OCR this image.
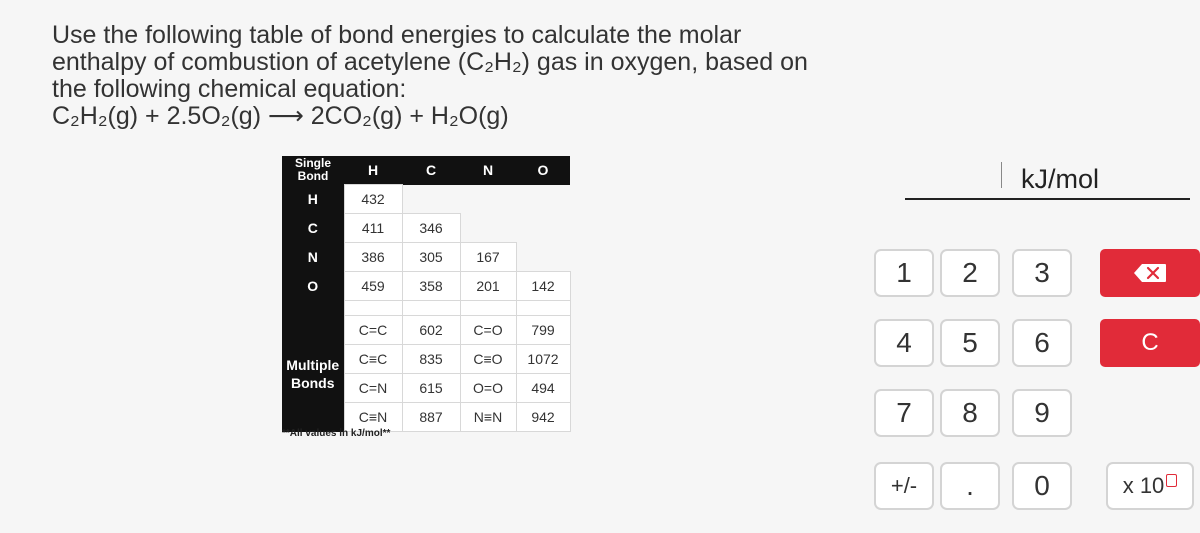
Use the following table of bond energies to calculate the molar
enthalpy of combustion of acetylene (C₂H₂) gas in oxygen, based on
the following chemical equation:
C₂H₂(g) + 2.5O₂(g) ⟶ 2CO₂(g) + H₂O(g)
Single
Bond	H	C	N	O
H	432			
C	411	346		
N	386	305	167	
O	459	358	201	142

Multiple
Bonds	C=C	602	C=O	799
	C≡C	835	C≡O	1072
	C=N	615	O=O	494
	C≡N	887	N≡N	942
**All values in kJ/mol**
kJ/mol
1	2	3
4	5	6
7	8	9
+/-	.	0
C
x 10
